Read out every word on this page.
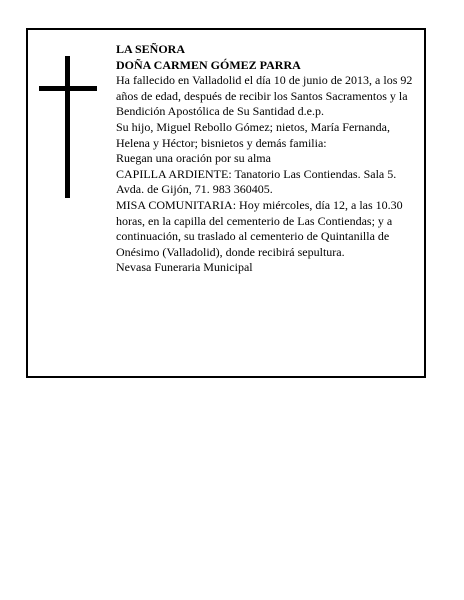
LA SEÑORA

DOÑA CARMEN GÓMEZ PARRA

Ha fallecido en Valladolid el día 10 de junio de 2013, a los 92 años de edad, después de recibir los Santos Sacramentos y la Bendición Apostólica de Su Santidad d.e.p.

Su hijo, Miguel Rebollo Gómez; nietos, María Fernanda, Helena y Héctor; bisnietos y demás familia:

Ruegan una oración por su alma

CAPILLA ARDIENTE: Tanatorio Las Contiendas. Sala 5. Avda. de Gijón, 71. 983 360405.

MISA COMUNITARIA: Hoy miércoles, día 12, a las 10.30 horas, en la capilla del cementerio de Las Contiendas; y a continuación, su traslado al cementerio de Quintanilla de Onésimo (Valladolid), donde recibirá sepultura.

Nevasa Funeraria Municipal
